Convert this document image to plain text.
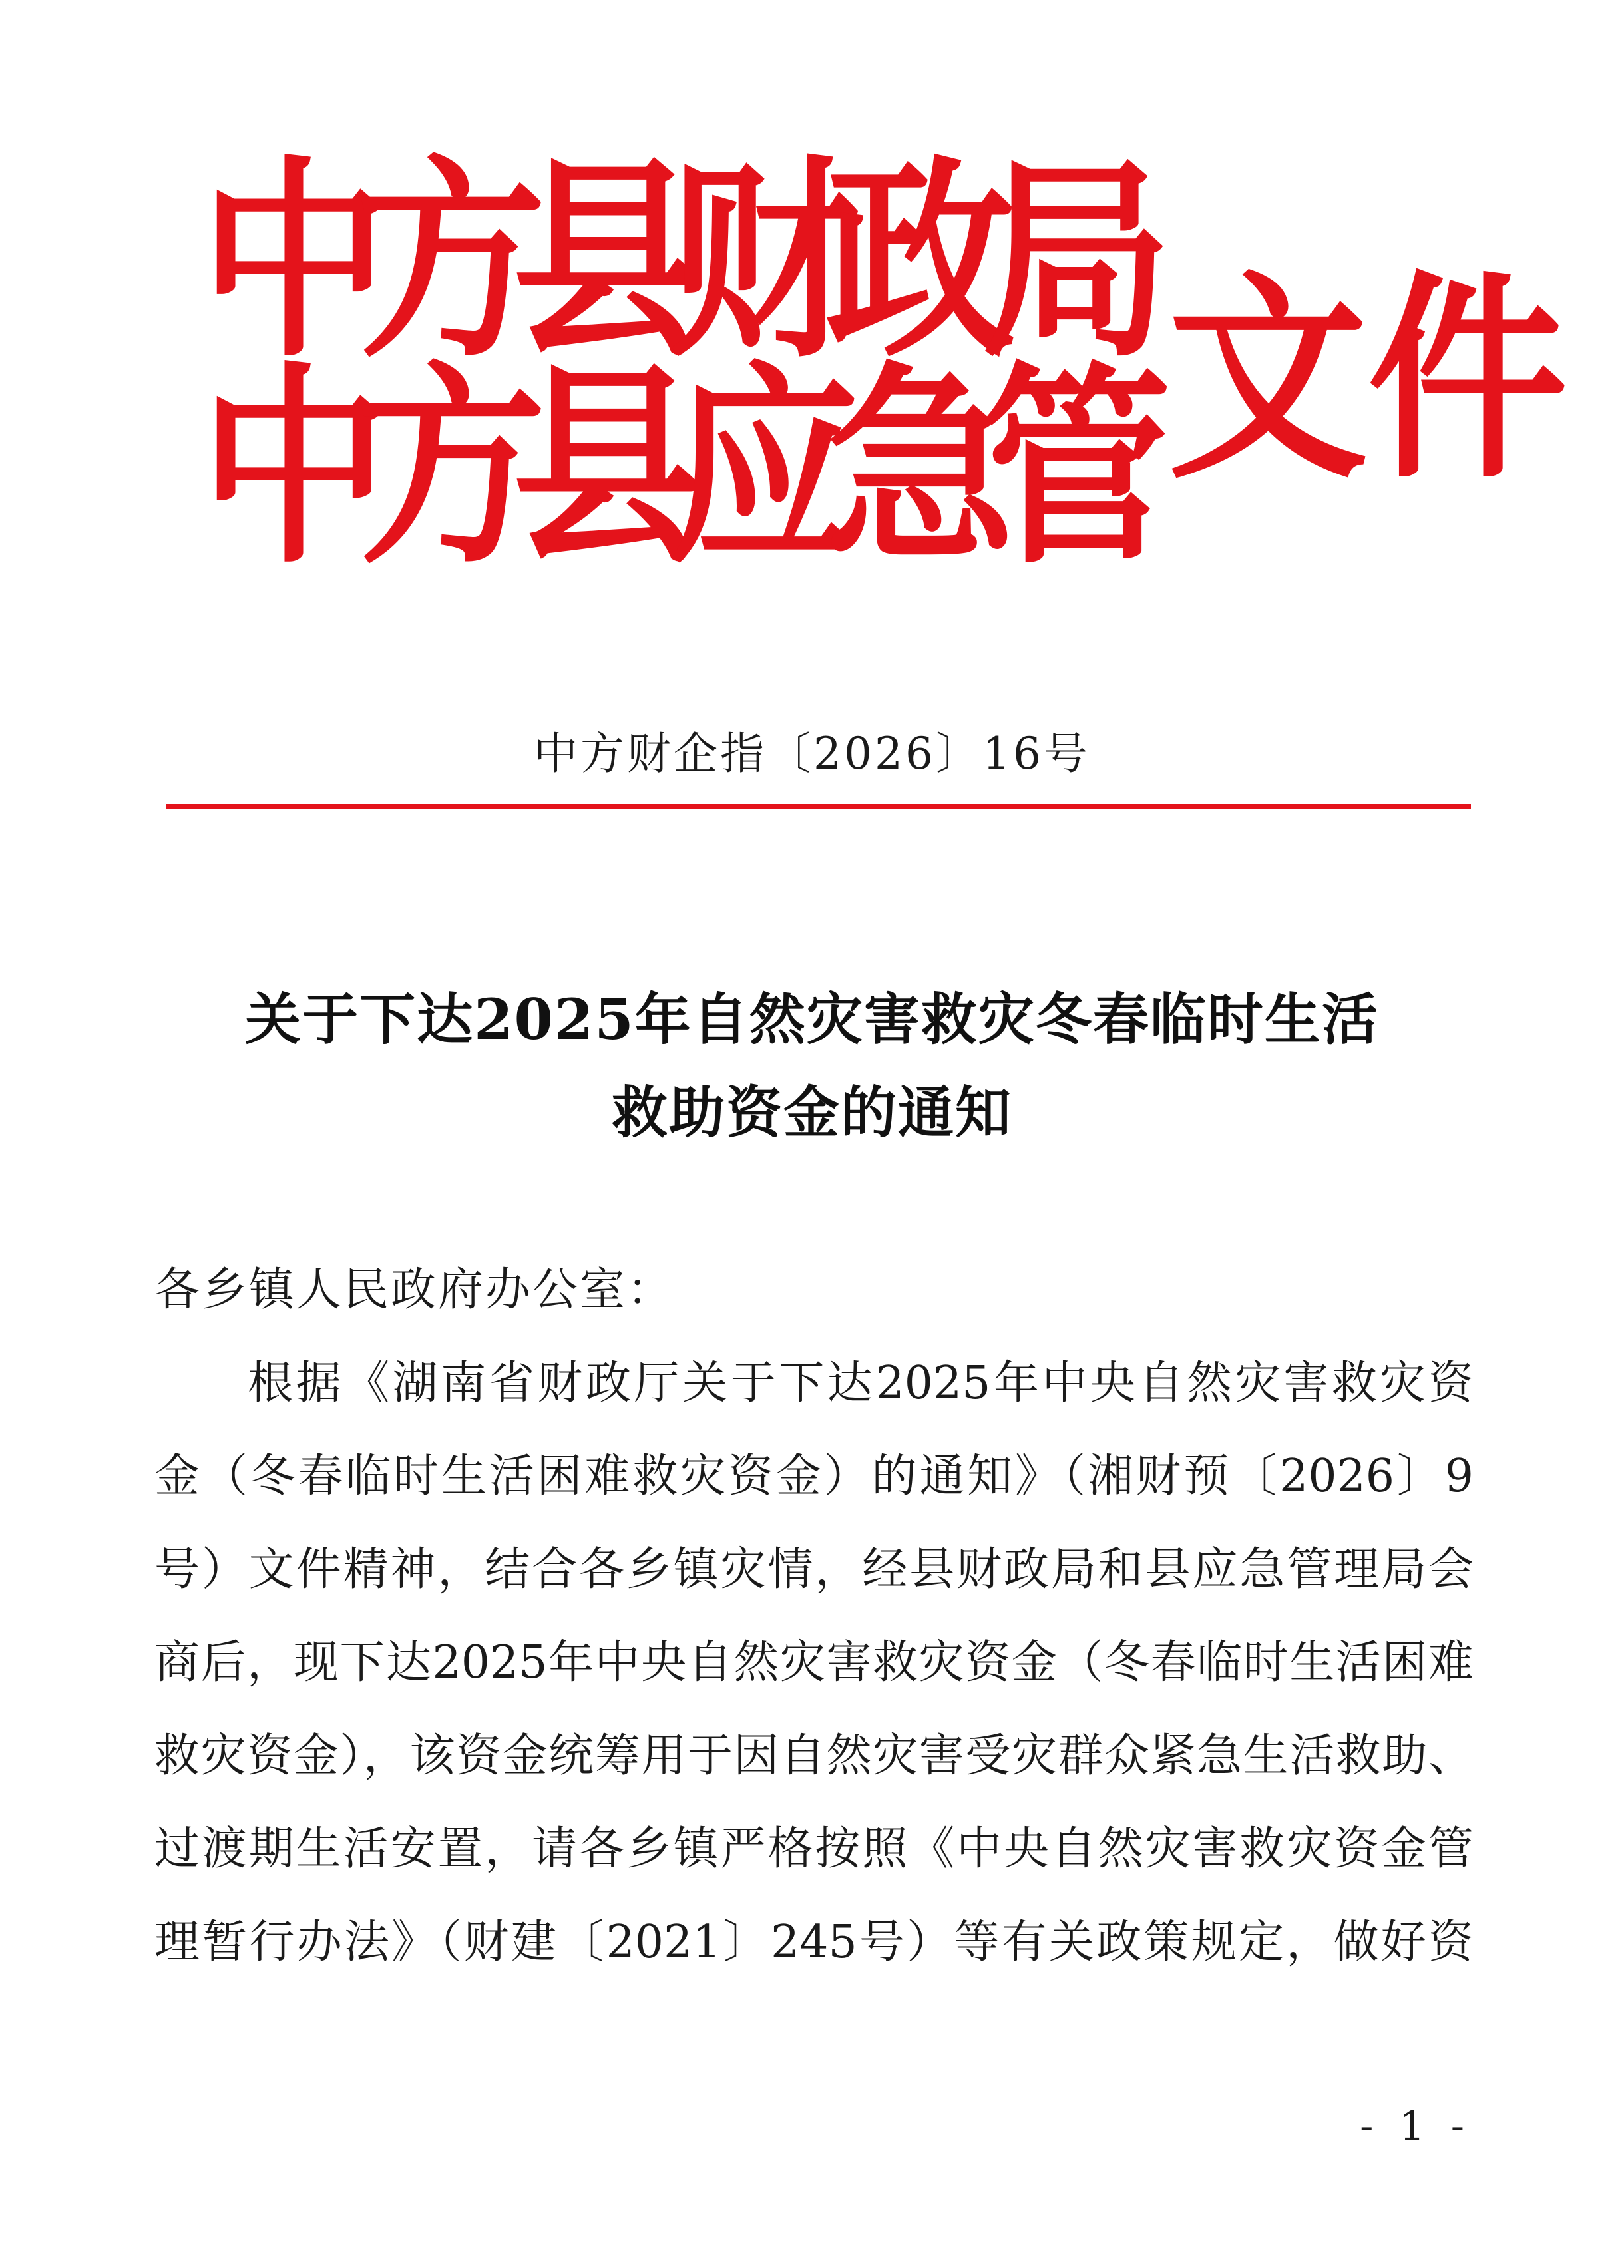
中
方
县
财
政
局
中
方
县
应
急
管
文 件
中方财企指〔2026〕16号
关于下达2025年自然灾害救灾冬春临时生活
救助资金的通知
各乡镇人民政府办公室：
根据《湖南省财政厅关于下达2025年中央自然灾害救灾资
金（冬春临时生活困难救灾资金）的通知》（湘财预〔2026〕9
号）文件精神，结合各乡镇灾情，经县财政局和县应急管理局会
商后，现下达2025年中央自然灾害救灾资金（冬春临时生活困难
救灾资金），该资金统筹用于因自然灾害受灾群众紧急生活救助、
过渡期生活安置，请各乡镇严格按照《中央自然灾害救灾资金管
理暂行办法》（财建〔2021〕245号）等有关政策规定，做好资
- 1 -
